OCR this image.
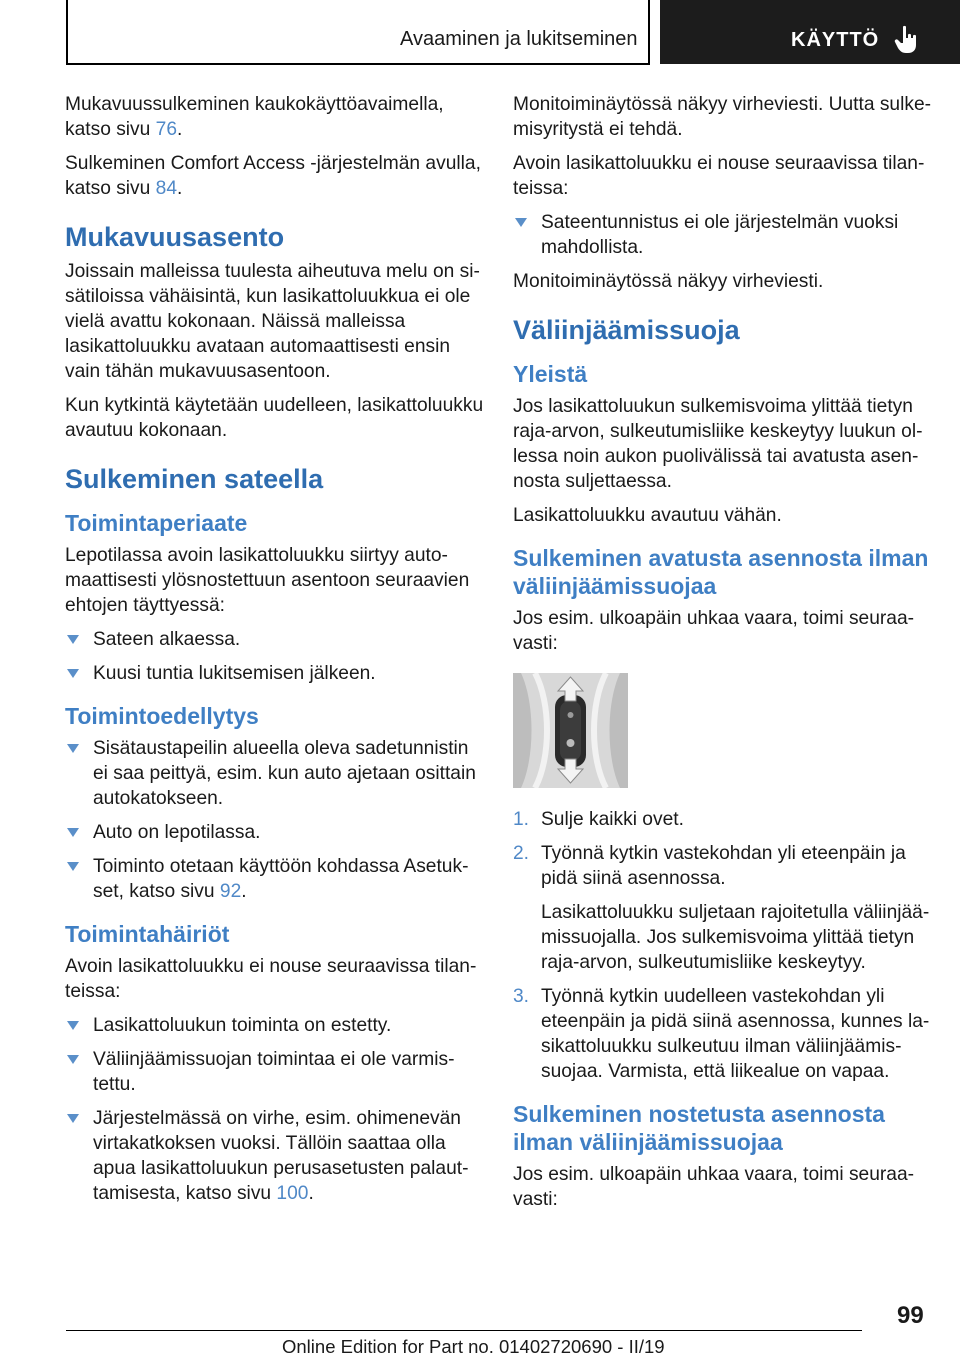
Avaaminen ja lukitseminen	KÄYTTÖ

Mukavuussulkeminen kaukokäyttöavaimella, katso sivu 76.

Sulkeminen Comfort Access -järjestelmän avulla, katso sivu 84.

Mukavuusasento

Joissain malleissa tuulesta aiheutuva melu on sisätiloissa vähäisintä, kun lasikattoluukkua ei ole vielä avattu kokonaan. Näissä malleissa lasikattoluukku avataan automaattisesti ensin vain tähän mukavuusasentoon.

Kun kytkintä käytetään uudelleen, lasikattoluukku avautuu kokonaan.

Sulkeminen sateella
Toimintaperiaate

Lepotilassa avoin lasikattoluukku siirtyy automaattisesti ylösnostettuun asentoon seuraavien ehtojen täyttyessä:

Sateen alkaessa.
Kuusi tuntia lukitsemisen jälkeen.
Toimintoedellytys
Sisätaustapeilin alueella oleva sadetunnistin ei saa peittyä, esim. kun auto ajetaan osittain autokatokseen.
Auto on lepotilassa.
Toiminto otetaan käyttöön kohdassa Asetukset, katso sivu 92.
Toimintahäiriöt

Avoin lasikattoluukku ei nouse seuraavissa tilanteissa:

Lasikattoluukun toiminta on estetty.
Väliinjäämissuojan toimintaa ei ole varmistettu.
Järjestelmässä on virhe, esim. ohimenevän virtakatkoksen vuoksi. Tällöin saattaa olla apua lasikattoluukun perusasetusten palauttamisesta, katso sivu 100.

Monitoiminäytössä näkyy virheviesti. Uutta sulkemisyritystä ei tehdä.

Avoin lasikattoluukku ei nouse seuraavissa tilanteissa:

Sateentunnistus ei ole järjestelmän vuoksi mahdollista.

Monitoiminäytössä näkyy virheviesti.

Väliinjäämissuoja
Yleistä

Jos lasikattoluukun sulkemisvoima ylittää tietyn raja-arvon, sulkeutumisliike keskeytyy luukun ollessa noin aukon puolivälissä tai avatusta asennosta suljettaessa.

Lasikattoluukku avautuu vähän.

Sulkeminen avatusta asennosta ilman väliinjäämissuojaa

Jos esim. ulkoapäin uhkaa vaara, toimi seuraavasti:

1. Sulje kaikki ovet.
2. Työnnä kytkin vastekohdan yli eteenpäin ja pidä siinä asennossa.
Lasikattoluukku suljetaan rajoitetulla väliinjäämissuojalla. Jos sulkemisvoima ylittää tietyn raja-arvon, sulkeutumisliike keskeytyy.
3. Työnnä kytkin uudelleen vastekohdan yli eteenpäin ja pidä siinä asennossa, kunnes lasikattoluukku sulkeutuu ilman väliinjäämissuojaa. Varmista, että liikealue on vapaa.
Sulkeminen nostetusta asennosta ilman väliinjäämissuojaa

Jos esim. ulkoapäin uhkaa vaara, toimi seuraavasti:

99
Online Edition for Part no. 01402720690 - II/19
